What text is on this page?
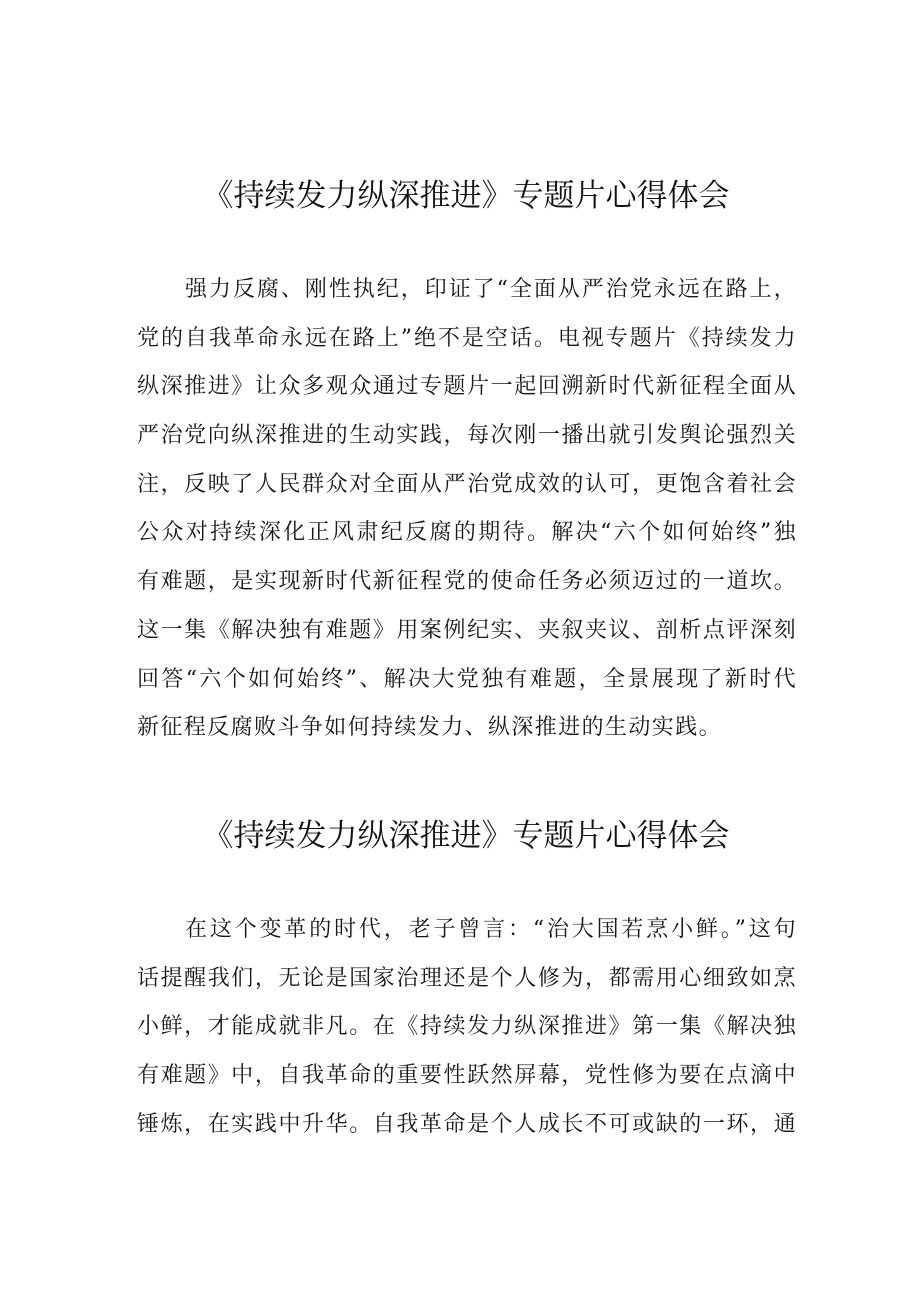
《持续发力纵深推进》专题片心得体会
强力反腐、刚性执纪，印证了“全面从严治党永远在路上，
党的自我革命永远在路上”绝不是空话。电视专题片《持续发力
纵深推进》让众多观众通过专题片一起回溯新时代新征程全面从
严治党向纵深推进的生动实践，每次刚一播出就引发舆论强烈关
注，反映了人民群众对全面从严治党成效的认可，更饱含着社会
公众对持续深化正风肃纪反腐的期待。解决“六个如何始终”独
有难题，是实现新时代新征程党的使命任务必须迈过的一道坎。
这一集《解决独有难题》用案例纪实、夹叙夹议、剖析点评深刻
回答“六个如何始终”、解决大党独有难题，全景展现了新时代
新征程反腐败斗争如何持续发力、纵深推进的生动实践。
《持续发力纵深推进》专题片心得体会
在这个变革的时代，老子曾言：“治大国若烹小鲜。”这句
话提醒我们，无论是国家治理还是个人修为，都需用心细致如烹
小鲜，才能成就非凡。在《持续发力纵深推进》第一集《解决独
有难题》中，自我革命的重要性跃然屏幕，党性修为要在点滴中
锤炼，在实践中升华。自我革命是个人成长不可或缺的一环，通
